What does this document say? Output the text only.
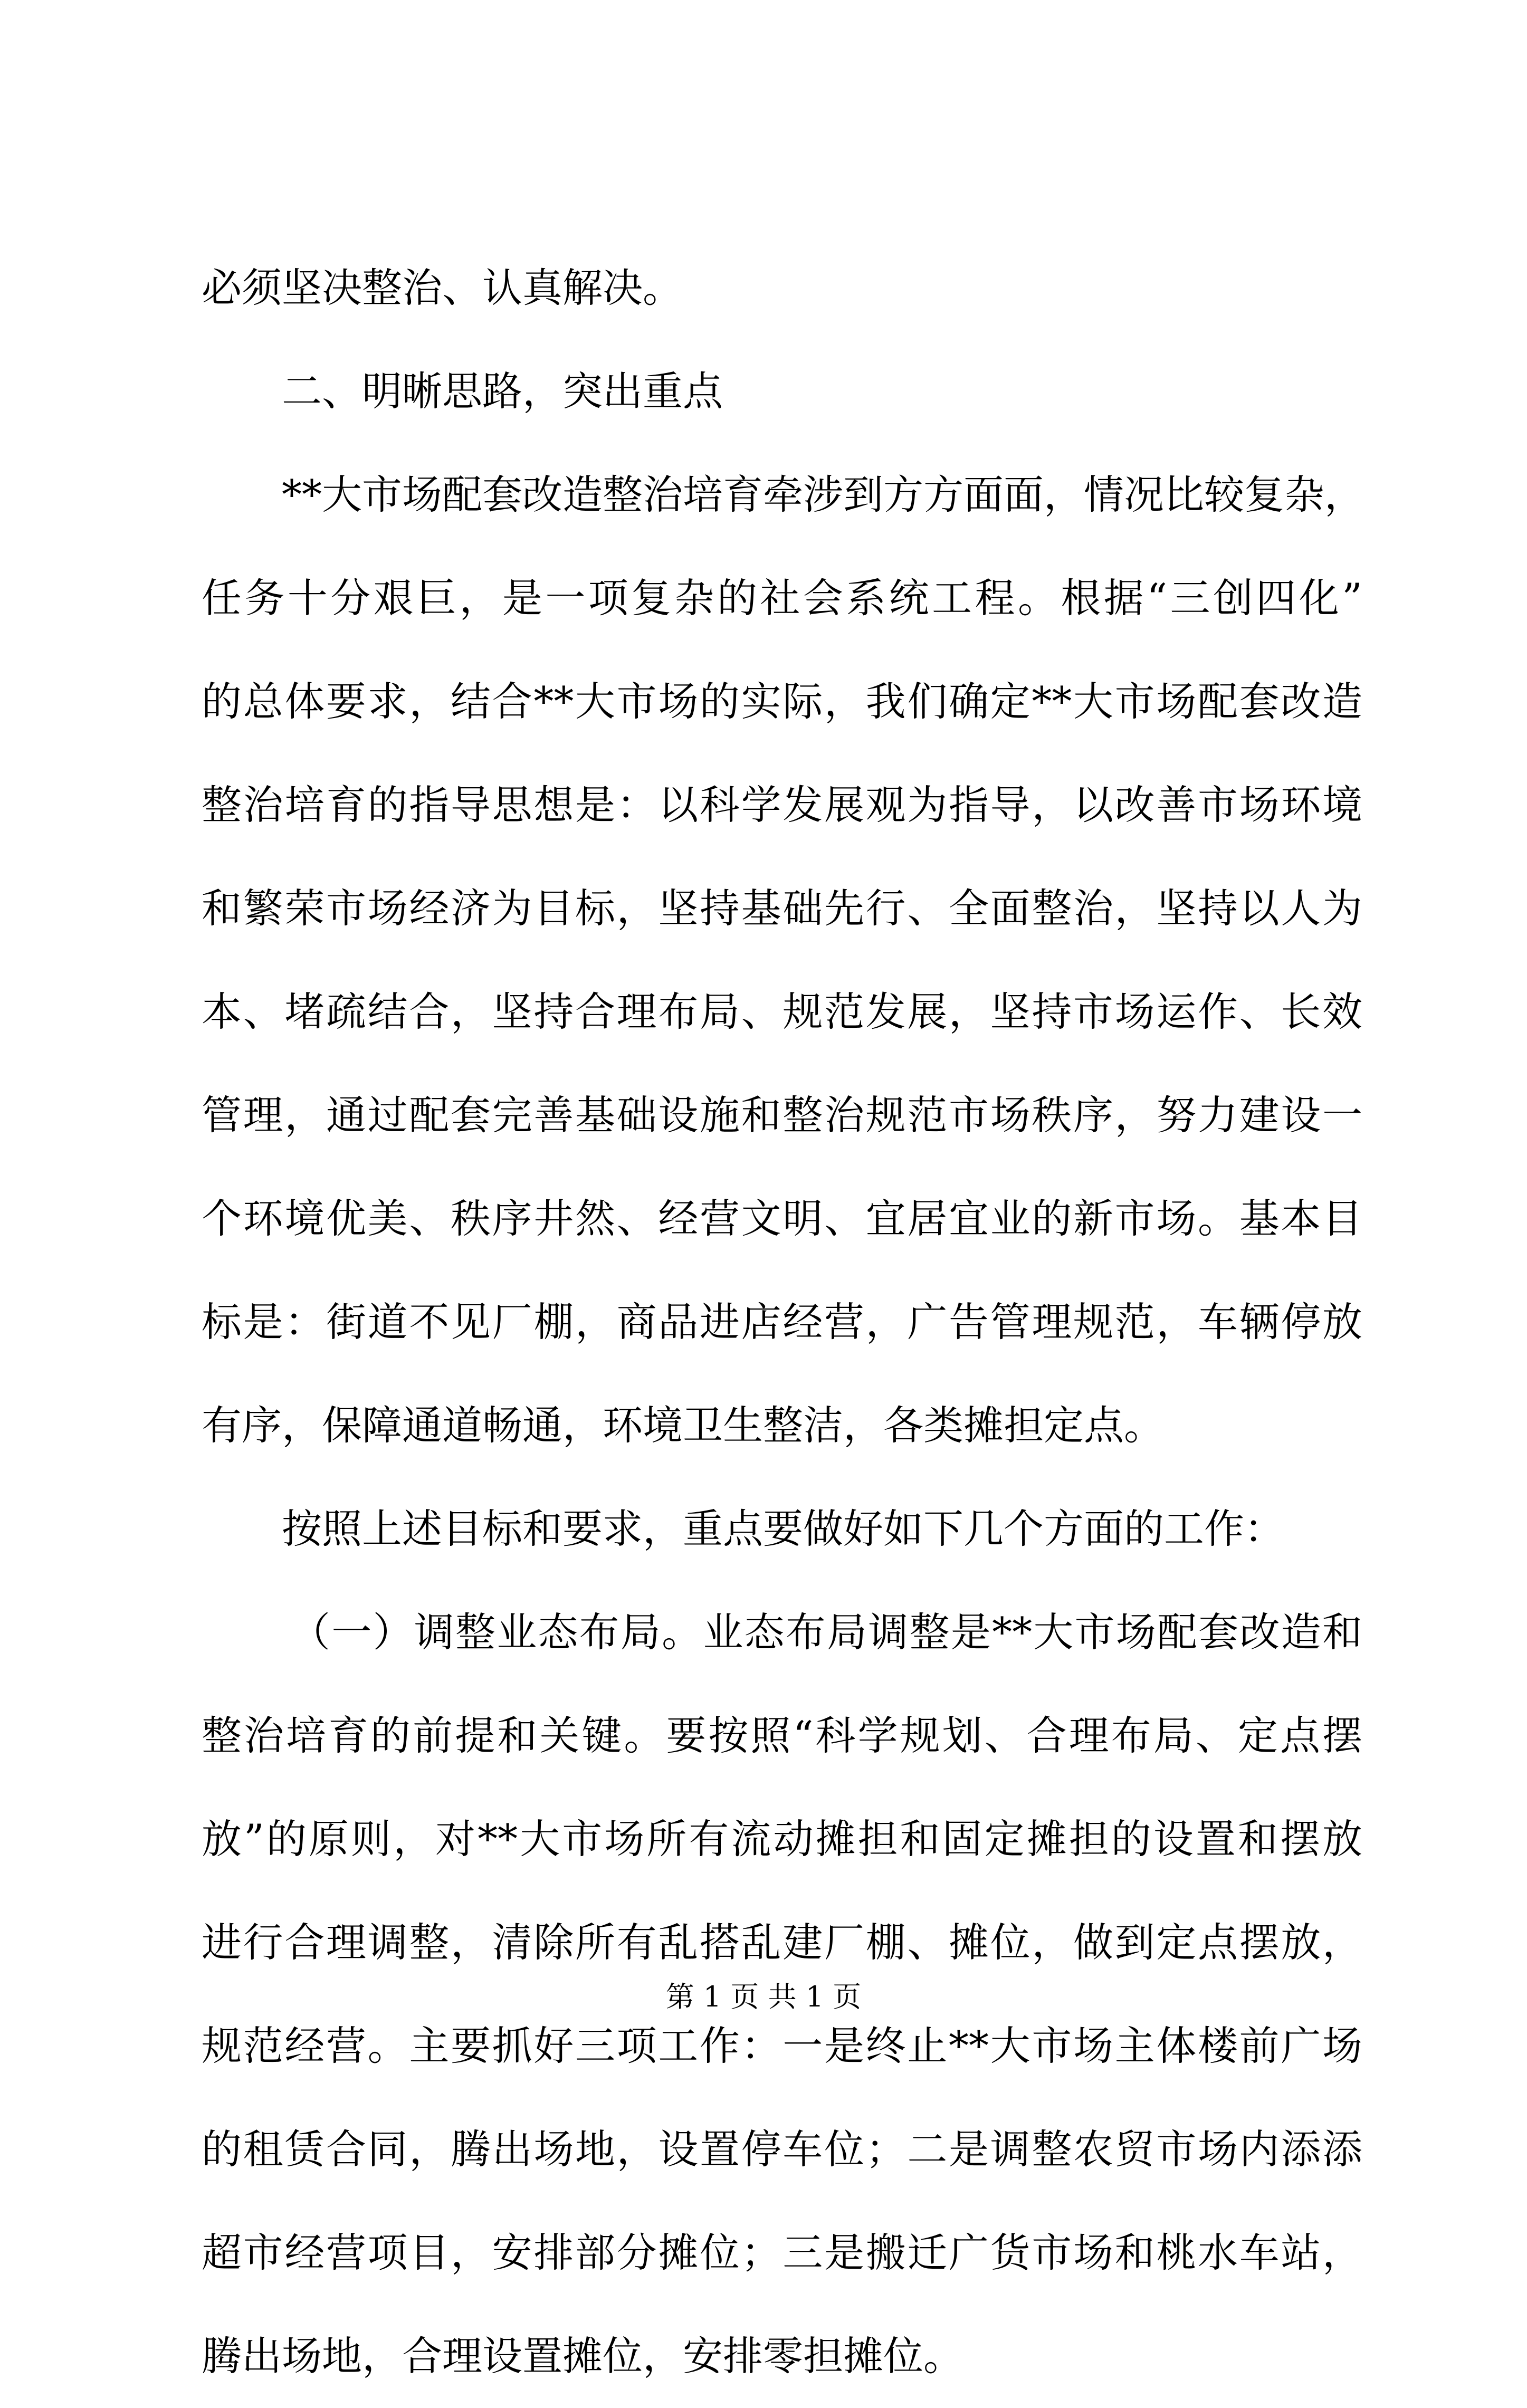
必须坚决整治、认真解决。
二、明晰思路，突出重点
**大市场配套改造整治培育牵涉到方方面面，情况比较复杂，
任务十分艰巨，是一项复杂的社会系统工程。根据“三创四化”
的总体要求，结合**大市场的实际，我们确定**大市场配套改造
整治培育的指导思想是：以科学发展观为指导，以改善市场环境
和繁荣市场经济为目标，坚持基础先行、全面整治，坚持以人为
本、堵疏结合，坚持合理布局、规范发展，坚持市场运作、长效
管理，通过配套完善基础设施和整治规范市场秩序，努力建设一
个环境优美、秩序井然、经营文明、宜居宜业的新市场。基本目
标是：街道不见厂棚，商品进店经营，广告管理规范，车辆停放
有序，保障通道畅通，环境卫生整洁，各类摊担定点。
按照上述目标和要求，重点要做好如下几个方面的工作：
（一）调整业态布局。业态布局调整是**大市场配套改造和
整治培育的前提和关键。要按照“科学规划、合理布局、定点摆
放”的原则，对**大市场所有流动摊担和固定摊担的设置和摆放
进行合理调整，清除所有乱搭乱建厂棚、摊位，做到定点摆放，
规范经营。主要抓好三项工作：一是终止**大市场主体楼前广场
的租赁合同，腾出场地，设置停车位；二是调整农贸市场内添添
超市经营项目，安排部分摊位；三是搬迁广货市场和桃水车站，
腾出场地，合理设置摊位，安排零担摊位。
第 1 页 共 1 页
